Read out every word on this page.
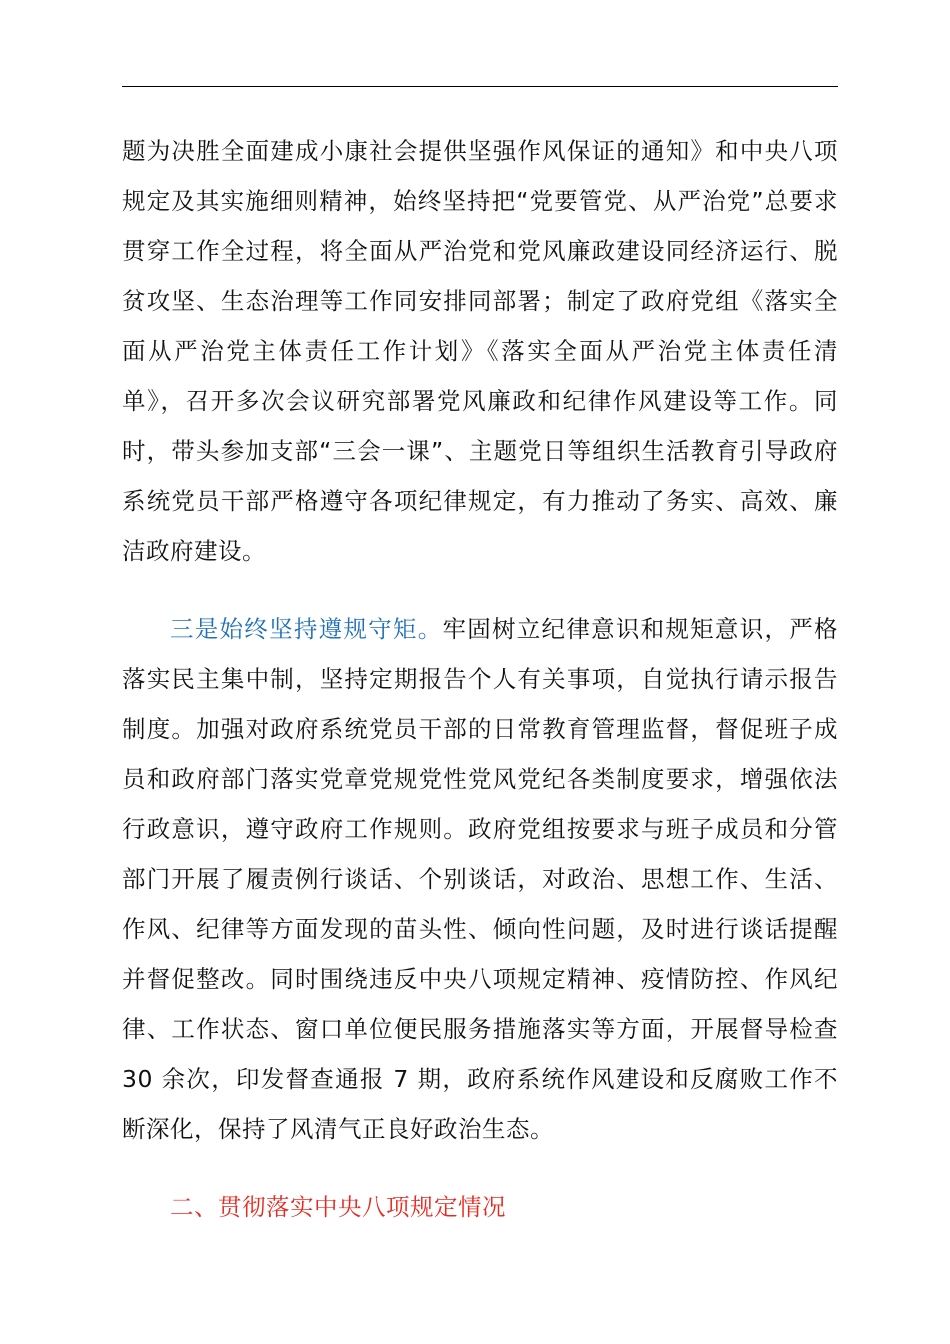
题为决胜全面建成小康社会提供坚强作风保证的通知》和中央八项规定及其实施细则精神，始终坚持把“党要管党、从严治党”总要求贯穿工作全过程，将全面从严治党和党风廉政建设同经济运行、脱贫攻坚、生态治理等工作同安排同部署；制定了政府党组《落实全面从严治党主体责任工作计划》《落实全面从严治党主体责任清单》，召开多次会议研究部署党风廉政和纪律作风建设等工作。同时，带头参加支部“三会一课”、主题党日等组织生活教育引导政府系统党员干部严格遵守各项纪律规定，有力推动了务实、高效、廉洁政府建设。

三是始终坚持遵规守矩。牢固树立纪律意识和规矩意识，严格落实民主集中制，坚持定期报告个人有关事项，自觉执行请示报告制度。加强对政府系统党员干部的日常教育管理监督，督促班子成员和政府部门落实党章党规党性党风党纪各类制度要求，增强依法行政意识，遵守政府工作规则。政府党组按要求与班子成员和分管部门开展了履责例行谈话、个别谈话，对政治、思想工作、生活、作风、纪律等方面发现的苗头性、倾向性问题，及时进行谈话提醒并督促整改。同时围绕违反中央八项规定精神、疫情防控、作风纪律、工作状态、窗口单位便民服务措施落实等方面，开展督导检查 30 余次，印发督查通报 7 期，政府系统作风建设和反腐败工作不断深化，保持了风清气正良好政治生态。

二、贯彻落实中央八项规定情况
